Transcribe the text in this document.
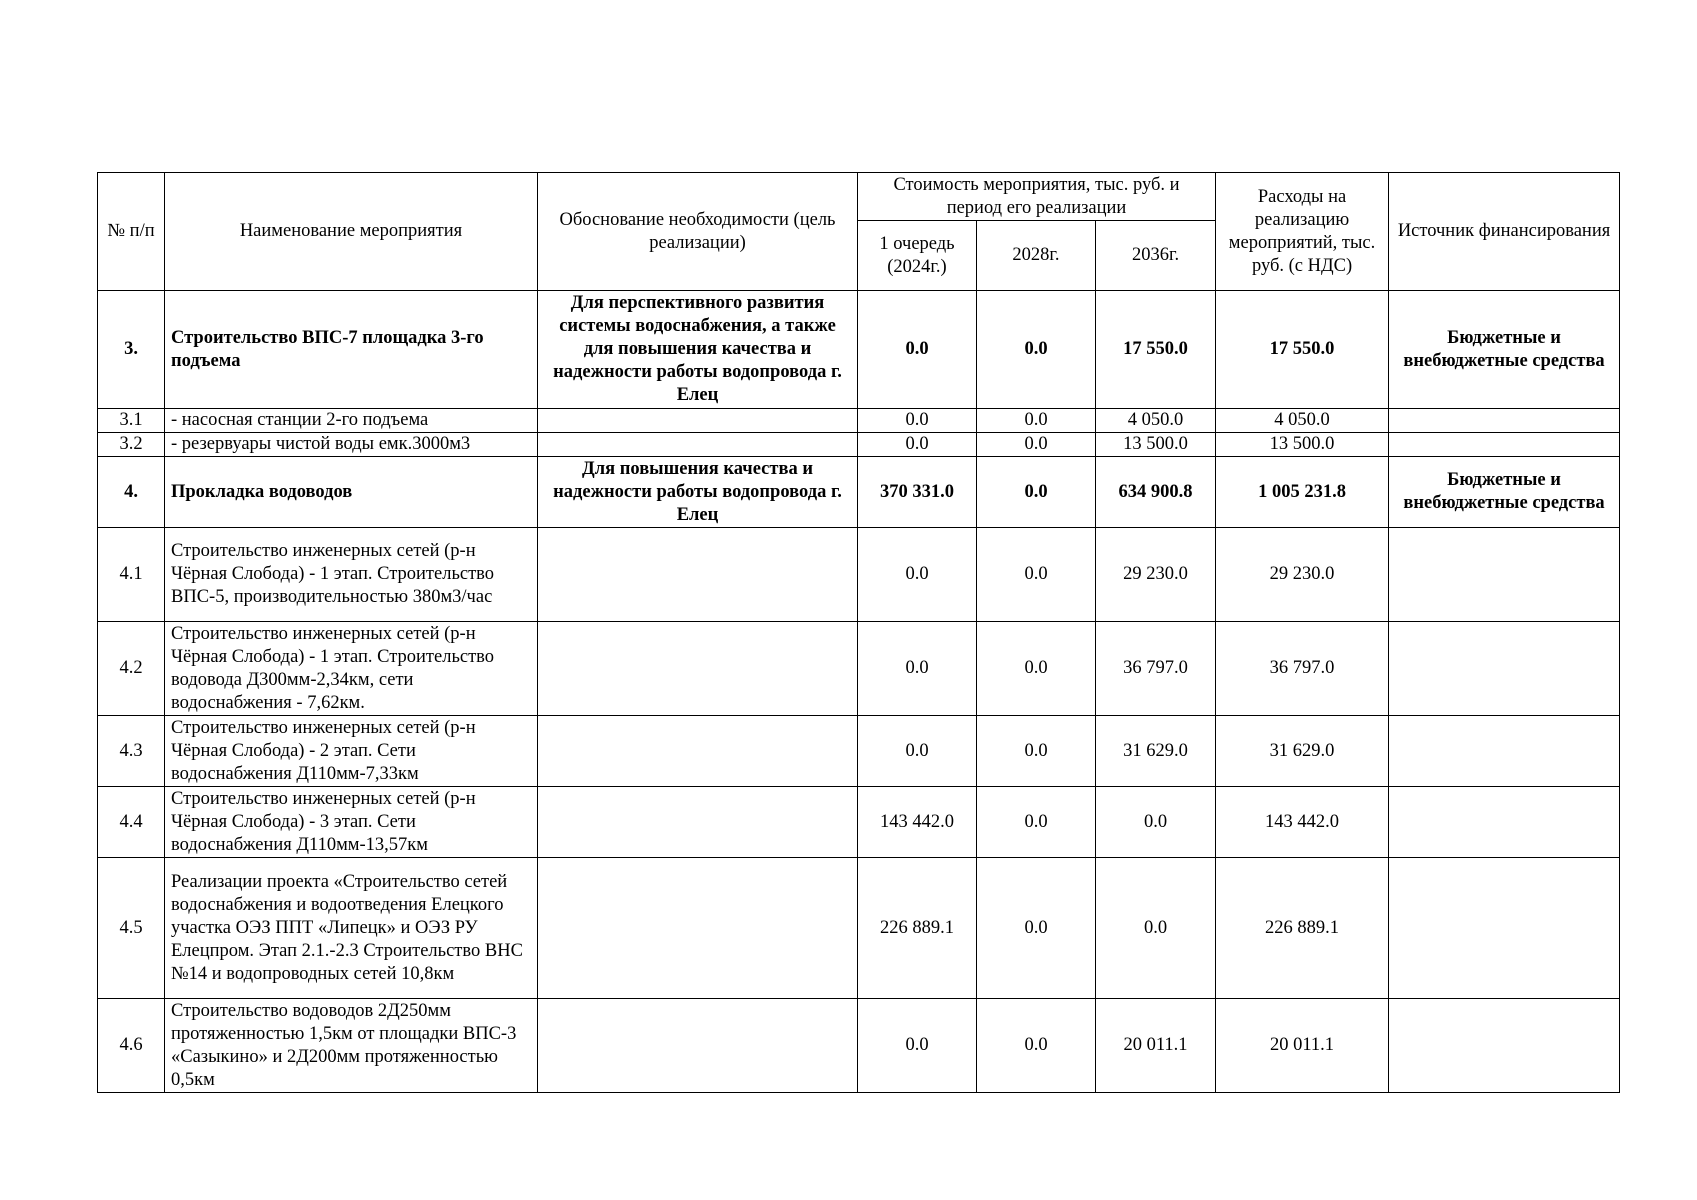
№ п/п	Наименование мероприятия	Обоснование необходимости (цель реализации)	Стоимость мероприятия, тыс. руб. и период его реализации			Расходы на реализацию мероприятий, тыс. руб. (с НДС)	Источник финансирования
			1 очередь (2024г.)	2028г.	2036г.		
3.	Строительство ВПС-7 площадка 3-го подъема	Для перспективного развития системы водоснабжения, а также для повышения качества и надежности работы водопровода г. Елец	0.0	0.0	17 550.0	17 550.0	Бюджетные и внебюджетные средства
3.1	- насосная станции 2-го подъема		0.0	0.0	4 050.0	4 050.0	
3.2	- резервуары чистой воды емк.3000м3		0.0	0.0	13 500.0	13 500.0	
4.	Прокладка водоводов	Для повышения качества и надежности работы водопровода г. Елец	370 331.0	0.0	634 900.8	1 005 231.8	Бюджетные и внебюджетные средства
4.1	Строительство инженерных сетей (р-н Чёрная Слобода) - 1 этап. Строительство ВПС-5, производительностью 380м3/час		0.0	0.0	29 230.0	29 230.0	
4.2	Строительство инженерных сетей (р-н Чёрная Слобода) - 1 этап. Строительство водовода Д300мм-2,34км, сети водоснабжения - 7,62км.		0.0	0.0	36 797.0	36 797.0	
4.3	Строительство инженерных сетей (р-н Чёрная Слобода) - 2 этап. Сети водоснабжения Д110мм-7,33км		0.0	0.0	31 629.0	31 629.0	
4.4	Строительство инженерных сетей (р-н Чёрная Слобода) - 3 этап. Сети водоснабжения Д110мм-13,57км		143 442.0	0.0	0.0	143 442.0	
4.5	Реализации проекта «Строительство сетей водоснабжения и водоотведения Елецкого участка ОЭЗ ППТ «Липецк» и ОЭЗ РУ Елецпром. Этап 2.1.-2.3 Строительство ВНС №14 и водопроводных сетей 10,8км		226 889.1	0.0	0.0	226 889.1	
4.6	Строительство водоводов 2Д250мм протяженностью 1,5км от площадки ВПС-3 «Сазыкино» и 2Д200мм протяженностью 0,5км		0.0	0.0	20 011.1	20 011.1	
